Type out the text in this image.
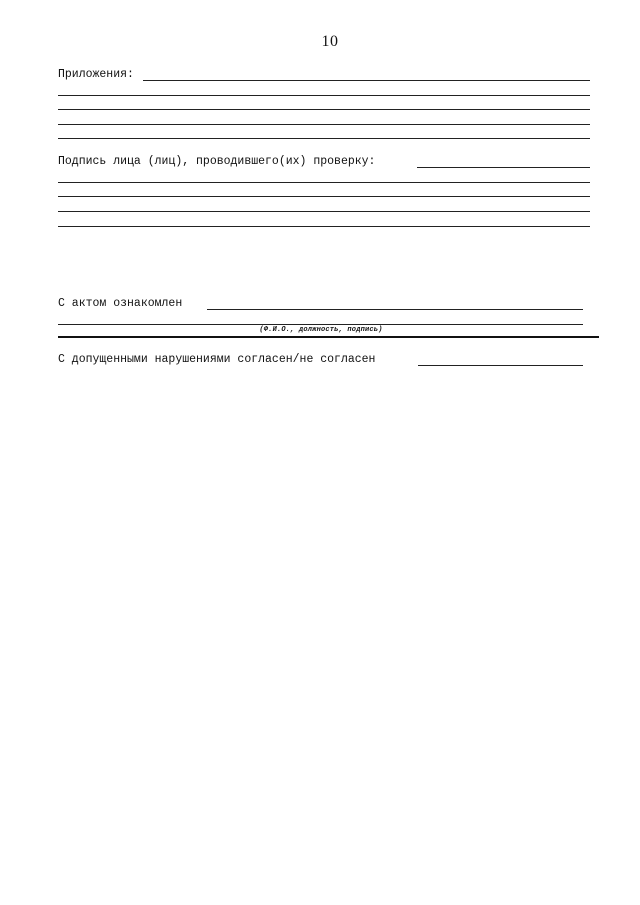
10
Приложения:
Подпись лица (лиц), проводившего(их) проверку:
С актом ознакомлен
(Ф.И.О., должность, подпись)
С допущенными нарушениями согласен/не согласен
